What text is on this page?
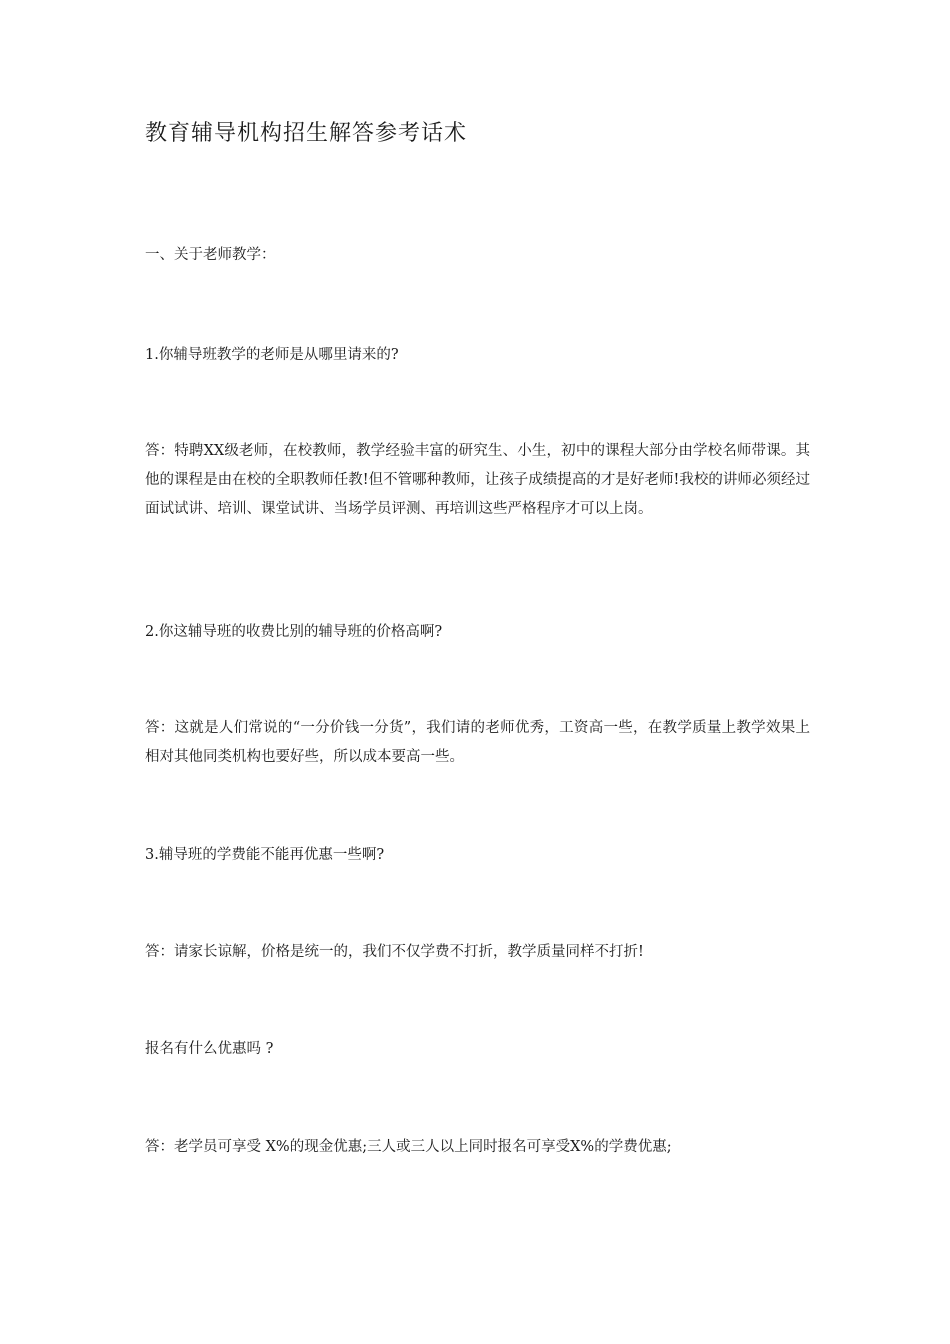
教育辅导机构招生解答参考话术

一、关于老师教学：

1.你辅导班教学的老师是从哪里请来的?

答：特聘XX级老师，在校教师，教学经验丰富的研究生、小生，初中的课程大部分由学校名师带课。其他的课程是由在校的全职教师任教!但不管哪种教师，让孩子成绩提高的才是好老师!我校的讲师必须经过面试试讲、培训、课堂试讲、当场学员评测、再培训这些严格程序才可以上岗。

2.你这辅导班的收费比别的辅导班的价格高啊?

答：这就是人们常说的“一分价钱一分货”，我们请的老师优秀，工资高一些，在教学质量上教学效果上相对其他同类机构也要好些，所以成本要高一些。

3.辅导班的学费能不能再优惠一些啊?

答：请家长谅解，价格是统一的，我们不仅学费不打折，教学质量同样不打折!

报名有什么优惠吗 ?

答：老学员可享受 X%的现金优惠;三人或三人以上同时报名可享受X%的学费优惠;
